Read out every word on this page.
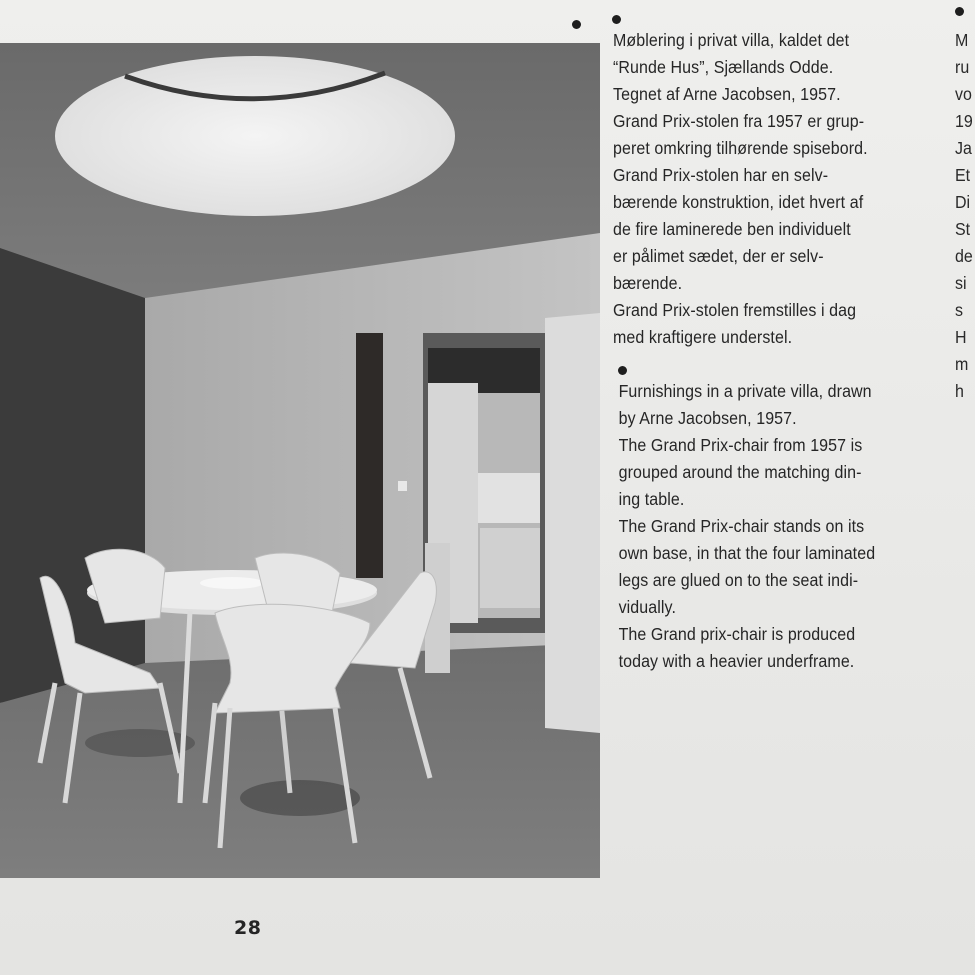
Møblering i privat villa, kaldet det
“Runde Hus”, Sjællands Odde.
Tegnet af Arne Jacobsen, 1957.
Grand Prix-stolen fra 1957 er grup-
peret omkring tilhørende spisebord.
Grand Prix-stolen har en selv-
bærende konstruktion, idet hvert af
de fire laminerede ben individuelt
er pålimet sædet, der er selv-
bærende.
Grand Prix-stolen fremstilles i dag
med kraftigere understel.
Furnishings in a private villa, drawn
by Arne Jacobsen, 1957.
The Grand Prix-chair from 1957 is
grouped around the matching din-
ing table.
The Grand Prix-chair stands on its
own base, in that the four laminated
legs are glued on to the seat indi-
vidually.
The Grand prix-chair is produced
today with a heavier underframe.
M
ru
vo
19
Ja
Et
Di
St
de
si
s
H
m
h
28
